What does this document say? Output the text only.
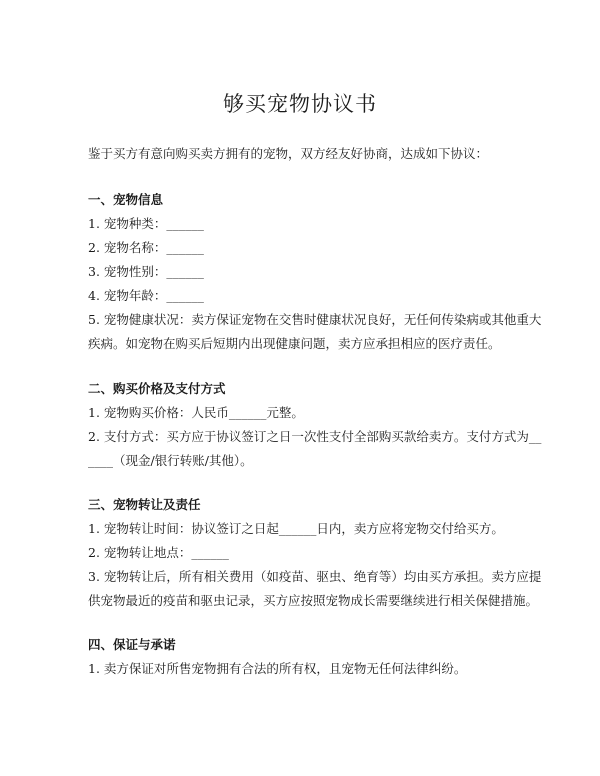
够买宠物协议书
鉴于买方有意向购买卖方拥有的宠物，双方经友好协商，达成如下协议：
一、宠物信息
1. 宠物种类：______
2. 宠物名称：______
3. 宠物性别：______
4. 宠物年龄：______
5. 宠物健康状况：卖方保证宠物在交售时健康状况良好，无任何传染病或其他重大
疾病。如宠物在购买后短期内出现健康问题，卖方应承担相应的医疗责任。
二、购买价格及支付方式
1. 宠物购买价格：人民币______元整。
2. 支付方式：买方应于协议签订之日一次性支付全部购买款给卖方。支付方式为__
____（现金/银行转账/其他）。
三、宠物转让及责任
1. 宠物转让时间：协议签订之日起______日内，卖方应将宠物交付给买方。
2. 宠物转让地点：______
3. 宠物转让后，所有相关费用（如疫苗、驱虫、绝育等）均由买方承担。卖方应提
供宠物最近的疫苗和驱虫记录，买方应按照宠物成长需要继续进行相关保健措施。
四、保证与承诺
1. 卖方保证对所售宠物拥有合法的所有权，且宠物无任何法律纠纷。
